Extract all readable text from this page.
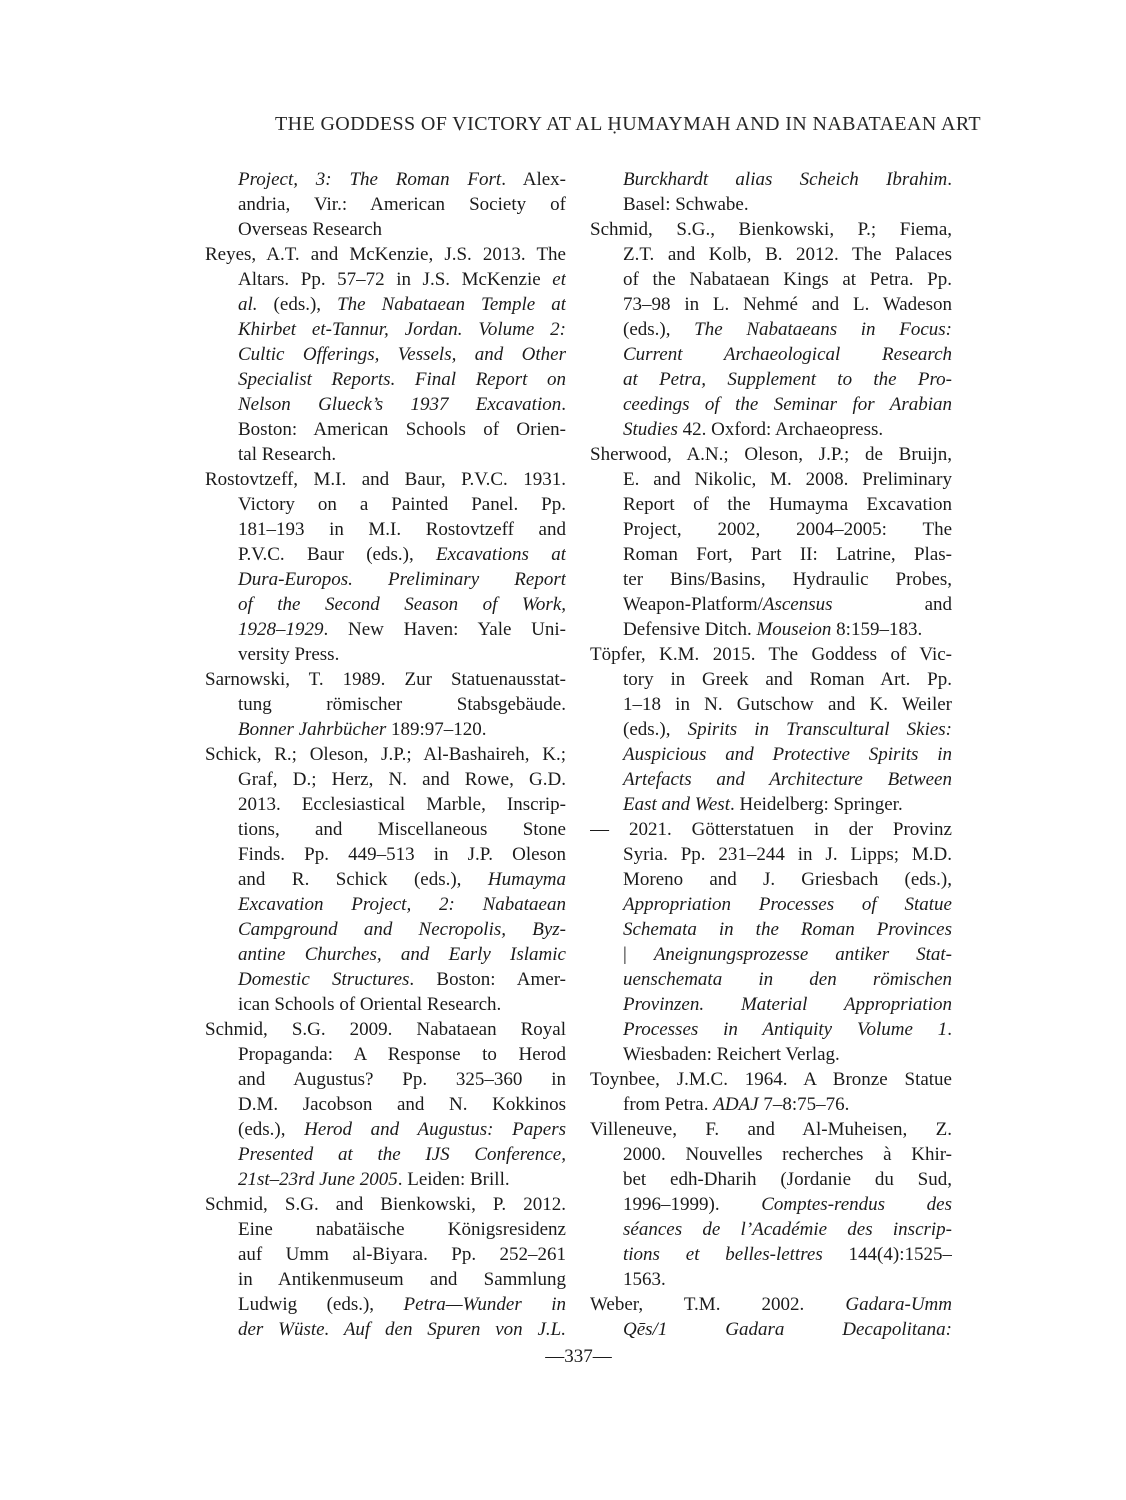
THE GODDESS OF VICTORY AT AL ḤUMAYMAH AND IN NABATAEAN ART
Project, 3: The Roman Fort. Alex-
andria, Vir.: American Society of
Overseas Research
Reyes, A.T. and McKenzie, J.S. 2013. The
Altars. Pp. 57–72 in J.S. McKenzie et
al. (eds.), The Nabataean Temple at
Khirbet et-Tannur, Jordan. Volume 2:
Cultic Offerings, Vessels, and Other
Specialist Reports. Final Report on
Nelson Glueck’s 1937 Excavation.
Boston: American Schools of Orien-
tal Research.
Rostovtzeff, M.I. and Baur, P.V.C. 1931.
Victory on a Painted Panel. Pp.
181–193 in M.I. Rostovtzeff and
P.V.C. Baur (eds.), Excavations at
Dura-Europos. Preliminary Report
of the Second Season of Work,
1928–1929. New Haven: Yale Uni-
versity Press.
Sarnowski, T. 1989. Zur Statuenausstat-
tung römischer Stabsgebäude.
Bonner Jahrbücher 189:97–120.
Schick, R.; Oleson, J.P.; Al-Bashaireh, K.;
Graf, D.; Herz, N. and Rowe, G.D.
2013. Ecclesiastical Marble, Inscrip-
tions, and Miscellaneous Stone
Finds. Pp. 449–513 in J.P. Oleson
and R. Schick (eds.), Humayma
Excavation Project, 2: Nabataean
Campground and Necropolis, Byz-
antine Churches, and Early Islamic
Domestic Structures. Boston: Amer-
ican Schools of Oriental Research.
Schmid, S.G. 2009. Nabataean Royal
Propaganda: A Response to Herod
and Augustus? Pp. 325–360 in
D.M. Jacobson and N. Kokkinos
(eds.), Herod and Augustus: Papers
Presented at the IJS Conference,
21st–23rd June 2005. Leiden: Brill.
Schmid, S.G. and Bienkowski, P. 2012.
Eine nabatäische Königsresidenz
auf Umm al-Biyara. Pp. 252–261
in Antikenmuseum and Sammlung
Ludwig (eds.), Petra—Wunder in
der Wüste. Auf den Spuren von J.L.
Burckhardt alias Scheich Ibrahim.
Basel: Schwabe.
Schmid, S.G., Bienkowski, P.; Fiema,
Z.T. and Kolb, B. 2012. The Palaces
of the Nabataean Kings at Petra. Pp.
73–98 in L. Nehmé and L. Wadeson
(eds.), The Nabataeans in Focus:
Current Archaeological Research
at Petra, Supplement to the Pro-
ceedings of the Seminar for Arabian
Studies 42. Oxford: Archaeopress.
Sherwood, A.N.; Oleson, J.P.; de Bruijn,
E. and Nikolic, M. 2008. Preliminary
Report of the Humayma Excavation
Project, 2002, 2004–2005: The
Roman Fort, Part II: Latrine, Plas-
ter Bins/Basins, Hydraulic Probes,
Weapon-Platform/Ascensus and
Defensive Ditch. Mouseion 8:159–183.
Töpfer, K.M. 2015. The Goddess of Vic-
tory in Greek and Roman Art. Pp.
1–18 in N. Gutschow and K. Weiler
(eds.), Spirits in Transcultural Skies:
Auspicious and Protective Spirits in
Artefacts and Architecture Between
East and West. Heidelberg: Springer.
— 2021. Götterstatuen in der Provinz
Syria. Pp. 231–244 in J. Lipps; M.D.
Moreno and J. Griesbach (eds.),
Appropriation Processes of Statue
Schemata in the Roman Provinces
| Aneignungsprozesse antiker Stat-
uenschemata in den römischen
Provinzen. Material Appropriation
Processes in Antiquity Volume 1.
Wiesbaden: Reichert Verlag.
Toynbee, J.M.C. 1964. A Bronze Statue
from Petra. ADAJ 7–8:75–76.
Villeneuve, F. and Al-Muheisen, Z.
2000. Nouvelles recherches à Khir-
bet edh-Dharih (Jordanie du Sud,
1996–1999). Comptes-rendus des
séances de l’Académie des inscrip-
tions et belles-lettres 144(4):1525–
1563.
Weber, T.M. 2002. Gadara-Umm
Qēs/1 Gadara Decapolitana:
—337—
